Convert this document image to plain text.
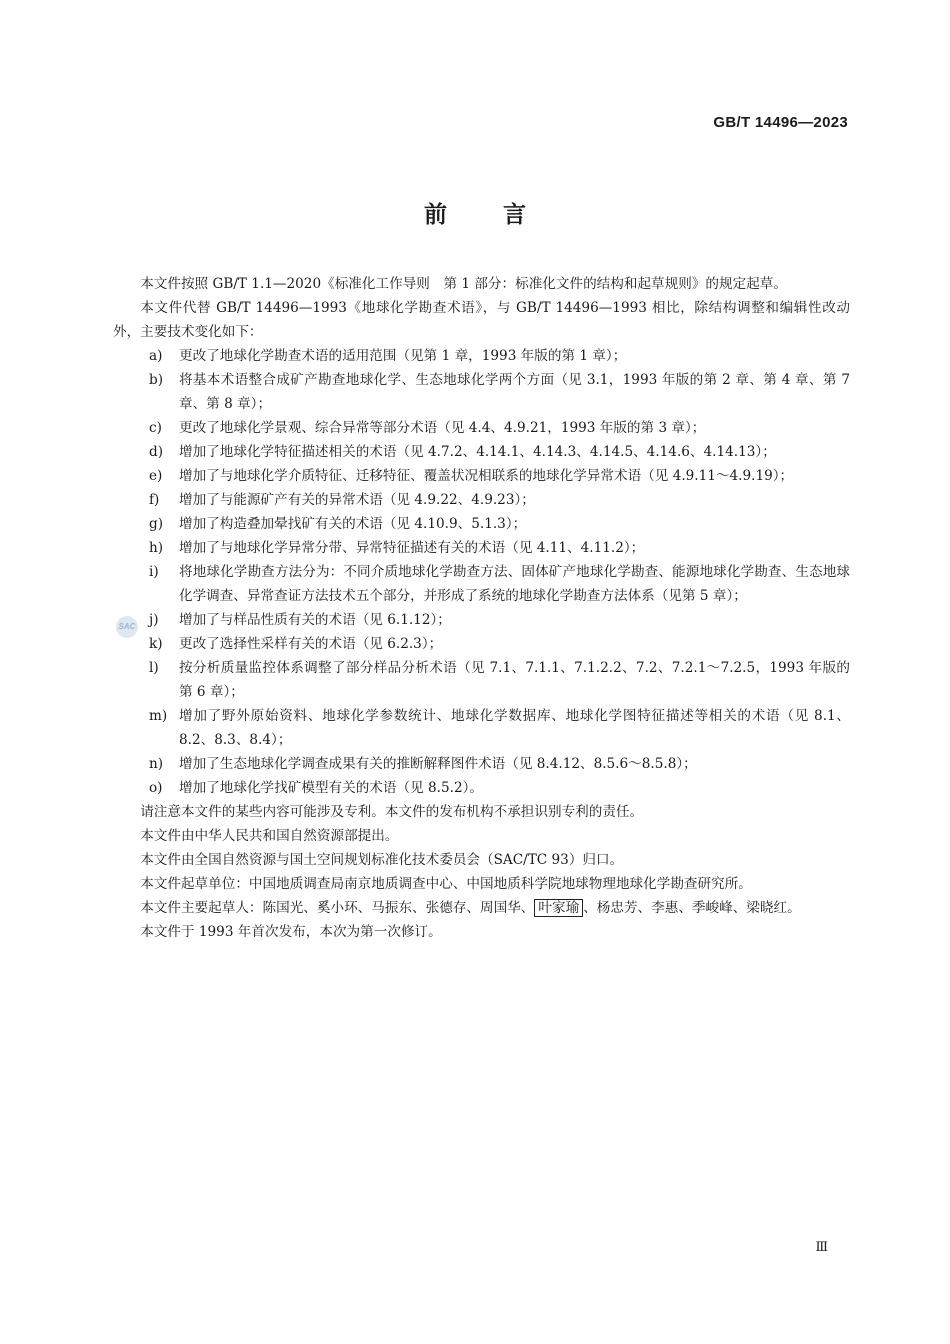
GB/T 14496—2023
前言
SAC

本文件按照 GB/T 1.1—2020《标准化工作导则　第 1 部分：标准化文件的结构和起草规则》的规定起草。

本文件代替 GB/T 14496—1993《地球化学勘查术语》，与 GB/T 14496—1993 相比，除结构调整和编辑性改动外，主要技术变化如下：

a) 更改了地球化学勘查术语的适用范围（见第 1 章，1993 年版的第 1 章）；
b) 将基本术语整合成矿产勘查地球化学、生态地球化学两个方面（见 3.1，1993 年版的第 2 章、第 4 章、第 7 章、第 8 章）；
c) 更改了地球化学景观、综合异常等部分术语（见 4.4、4.9.21，1993 年版的第 3 章）；
d) 增加了地球化学特征描述相关的术语（见 4.7.2、4.14.1、4.14.3、4.14.5、4.14.6、4.14.13）；
e) 增加了与地球化学介质特征、迁移特征、覆盖状况相联系的地球化学异常术语（见 4.9.11～4.9.19）；
f) 增加了与能源矿产有关的异常术语（见 4.9.22、4.9.23）；
g) 增加了构造叠加晕找矿有关的术语（见 4.10.9、5.1.3）；
h) 增加了与地球化学异常分带、异常特征描述有关的术语（见 4.11、4.11.2）；
i) 将地球化学勘查方法分为：不同介质地球化学勘查方法、固体矿产地球化学勘查、能源地球化学勘查、生态地球化学调查、异常查证方法技术五个部分，并形成了系统的地球化学勘查方法体系（见第 5 章）；
j) 增加了与样品性质有关的术语（见 6.1.12）；
k) 更改了选择性采样有关的术语（见 6.2.3）；
l) 按分析质量监控体系调整了部分样品分析术语（见 7.1、7.1.1、7.1.2.2、7.2、7.2.1～7.2.5，1993 年版的第 6 章）；
m) 增加了野外原始资料、地球化学参数统计、地球化学数据库、地球化学图特征描述等相关的术语（见 8.1、8.2、8.3、8.4）；
n) 增加了生态地球化学调查成果有关的推断解释图件术语（见 8.4.12、8.5.6～8.5.8）；
o) 增加了地球化学找矿模型有关的术语（见 8.5.2）。

请注意本文件的某些内容可能涉及专利。本文件的发布机构不承担识别专利的责任。

本文件由中华人民共和国自然资源部提出。

本文件由全国自然资源与国土空间规划标准化技术委员会（SAC/TC 93）归口。

本文件起草单位：中国地质调查局南京地质调查中心、中国地质科学院地球物理地球化学勘查研究所。

本文件主要起草人：陈国光、奚小环、马振东、张德存、周国华、 叶家瑜 、杨忠芳、李惠、季峻峰、梁晓红。

本文件于 1993 年首次发布，本次为第一次修订。

Ⅲ
